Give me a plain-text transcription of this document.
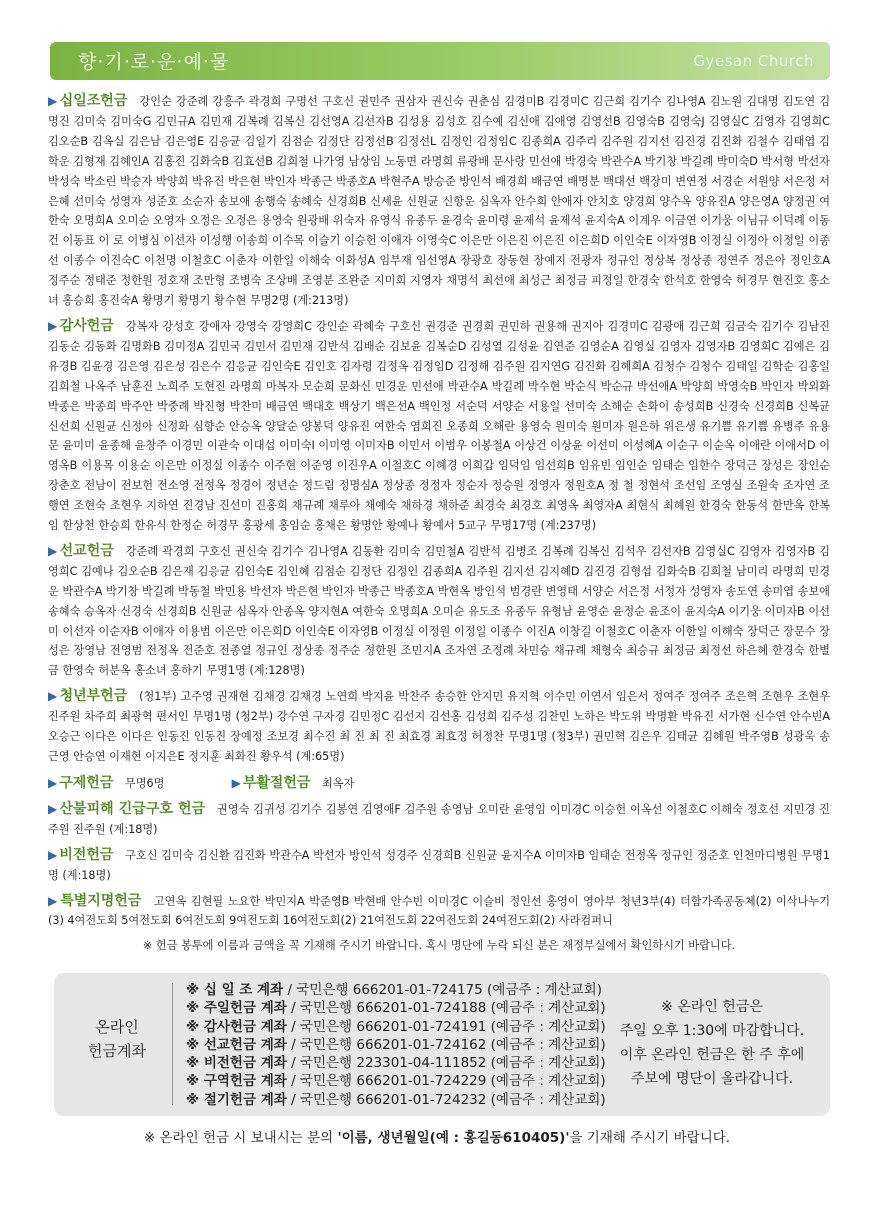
향·기·로·운·예·물	Gyesan Church
▶ 십일조헌금 강인순 강준례 강흥주 곽경희 구명선 구호신 권민주 권삼자 권신숙 권춘심 김경미B 김경미C 김근희 김기수 김나영A 김노원 김대명 김도연 김명진 김미숙 김미숙G 김민규A 김민재 김복례 김복신 김선영A 김선자B 김성용 김성호 김수예 김신애 김애영 김영선B 김영숙B 김영숙J 김영실C 김영자 김영희C 김오순B 김옥실 김은남 김은영E 김응균 김일기 김점순 김정단 김정선B 김정선L 김정인 김정임C 김종희A 김주리 김주원 김지선 김진경 김진화 김철수 김태엽 김학운 김형재 김혜인A 김홍진 김화숙B 김효선B 김희철 나가영 남상임 노동면 라명희 류광배 문사랑 민선애 박경숙 박관수A 박기창 박길례 박미숙D 박서형 박선자 박성숙 박소린 박승자 박양희 박유진 박은현 박인자 박종근 박종호A 박현주A 방승준 방인석 배경희 배금연 배명분 백대선 백장미 변연정 서경순 서원양 서은정 서은혜 선미숙 성영자 성준호 소순자 송보애 송행숙 송혜숙 신경희B 신세윤 신원균 신항운 심옥자 안수희 안애자 안치호 양경희 양수옥 양유진A 양은영A 양정권 여한숙 오명희A 오미순 오영자 오정은 오정은 용영숙 원광배 위숙자 유영식 유종두 윤경숙 윤미령 윤제석 윤제석 윤지숙A 이계우 이금연 이기웅 이님규 이덕례 이동건 이동표 이 로 이병심 이선자 이성행 이송희 이수목 이슬기 이승헌 이애자 이영숙C 이은만 이은진 이은진 이은희D 이인숙E 이자영B 이정실 이정아 이정일 이종선 이종수 이진숙C 이천명 이철호C 이춘자 이한일 이해숙 이화성A 임부재 임선영A 장광호 장동현 장예지 전광자 정규인 정상복 정상종 정연주 정은아 정인호A 정주순 정태준 정한원 정호재 조만형 조병숙 조상배 조영분 조완준 지미희 지영자 채명석 최선애 최성근 최정금 피정일 한경숙 한석호 한영숙 허경무 현진호 홍소녀 홍승희 홍진숙A 황명기 황명기 황수현 무명2명 (계:213명)
▶ 감사헌금 강복자 강성호 강애자 강영숙 강영희C 강인순 곽혜숙 구호신 권경준 권경희 권민하 권용해 권지아 김경미C 김광애 김근희 김금숙 김기수 김남진 김동순 김동화 김명화B 김미정A 김민국 김민서 김민재 김반석 김배순 김보윤 김복순D 김성열 김성윤 김연준 김영순A 김영실 김영자 김영자B 김영희C 김예은 김유경B 김윤경 김은영 김은성 김은수 김응균 김인숙E 김인호 김자령 김정옥 김정임D 김정해 김주원 김지연G 김진화 김혜희A 김청수 김청수 김태일 김학순 김홍일 김희철 나옥주 남훈진 노희주 도현진 라명희 마복자 모순희 문화신 민경운 민선애 박관수A 박길례 박수현 박순식 박순규 박선애A 박양희 박영숙B 박인자 박외화 박종은 박종희 박주안 박중례 박진형 박찬미 배금연 백대호 백상기 백은선A 백인정 서순덕 서양순 서용일 선미숙 소해순 손화이 송성희B 신경숙 신경희B 신복균 신선희 신원균 신정아 신정화 심향순 안승옥 양달순 양봉덕 양유진 여한숙 염희진 오종희 오해란 용영숙 원미숙 원미자 원은하 위은생 유기쁨 유기쁨 유병주 유용문 윤미미 윤종해 윤창주 이경민 이관숙 이대섭 이미숙I 이미영 이미자B 이민서 이범우 이봉철A 이상건 이상윤 이선미 이성혜A 이순구 이순옥 이애란 이애서D 이영옥B 이용목 이용순 이은만 이정실 이종수 이주현 이준영 이진우A 이철호C 이혜경 이희갑 임덕임 임선희B 임유빈 임인순 임태순 임한수 장덕근 장성은 장인순 장춘호 전남이 전보헌 전소영 전정옥 정경이 정년순 정드림 정명심A 정상종 정정자 정순자 정승원 정영자 정원호A 정 철 정현석 조선임 조영실 조원숙 조자연 조행연 조현숙 조현우 지하연 진경남 진선미 진홍희 채규례 채루아 채예숙 채하경 채하준 최경숙 최경호 최영옥 최영자A 최현식 최혜원 한경숙 한동석 한만옥 한복임 한상천 한승희 한유식 한정순 허경무 홍광세 홍임순 홍채은 황명안 황예나 황예서 5교구 무명17명 (계:237명)
▶ 선교헌금 강준례 곽경희 구호신 권신숙 김기수 김나영A 김동환 김미숙 김민철A 김반석 김병조 김복례 김복신 김석우 김선자B 김영실C 김영자 김영자B 김영희C 김예나 김오순B 김은재 김응균 김인숙E 김인혜 김점순 김정단 김정인 김종희A 김주원 김지선 김지혜D 김진경 김형섭 김화숙B 김희철 남미리 라명희 민경운 박관수A 박기창 박길례 박동철 박민용 박선자 박은현 박인자 박종근 박종호A 박현옥 방인석 범경란 변영태 서양순 서은정 서정자 성영자 송도연 송미엽 송보애 송혜숙 승옥자 신경숙 신경희B 신원균 심옥자 안종옥 양지현A 여한숙 오명희A 오미순 유도조 유종두 유형남 윤영순 윤정순 윤조이 윤지숙A 이기웅 이미자B 이선미 이선자 이순자B 이애자 이용범 이은만 이은희D 이인숙E 이자영B 이정실 이정원 이정일 이종수 이진A 이창길 이철호C 이춘자 이한일 이해숙 장덕근 장문수 장성은 장영남 전영범 전정옥 전준호 전종열 정규인 정상종 정주순 정한원 조민지A 조자연 조정례 차민승 채규례 채형숙 최승규 최정금 최정선 하은혜 한경숙 한별금 한영숙 허분옥 홍소녀 홍하기 무명1명 (계:128명)
▶ 청년부헌금 (청1부) 고주영 권재현 김채경 김채경 노연희 박지윤 박찬주 송승한 안지민 유지혁 이수민 이연서 임은서 정여주 정여주 조은혁 조현우 조현우 진주원 차주희 최광혁 편서인 무명1명 (청2부) 강수연 구자경 김민정C 김선지 김선홍 김성희 김주성 김찬민 노하은 박도위 박명환 박유진 서가현 신수연 안수빈A 오승근 이다은 이다은 인동진 인동진 장예정 조보경 최수진 최 진 최 진 최효경 최효정 허정찬 무명1명 (청3부) 권민혁 김은우 김태균 김혜원 박주영B 성광욱 송근영 안승연 이재현 이지은E 정지훈 최화진 황우석 (계:65명)
▶ 구제헌금 무명6명	▶ 부활절헌금 최옥자
▶ 산불피해 긴급구호 헌금 권영숙 김귀성 김기수 김봉연 김영애F 김주원 송영남 오미란 윤영임 이미경C 이승헌 이옥선 이철호C 이해숙 정호선 지민경 진주원 진주원 (계:18명)
▶ 비전헌금 구호신 김미숙 김신환 김진화 박관수A 박선자 방인석 성경주 신경희B 신원균 윤지수A 이미자B 임태순 전정옥 정규인 정준호 인천마디병원 무명1명 (계:18명)
▶ 특별지명헌금 고연옥 김현필 노요한 박민지A 박준영B 박현배 안수빈 이미경C 이슬비 정인선 홍영이 영아부 청년3부(4) 더함가족공동체(2) 이삭나누기(3) 4여전도회 5여전도회 6여전도회 9여전도회 16여전도회(2) 21여전도회 22여전도회 24여전도회(2) 사라컴퍼니
※ 헌금 봉투에 이름과 금액을 꼭 기재해 주시기 바랍니다. 혹시 명단에 누락 되신 분은 재정부실에서 확인하시기 바랍니다.
온라인
헌금계좌
※ 십 일 조 계좌 / 국민은행 666201-01-724175 (예금주 : 계산교회)
※ 주일헌금 계좌 / 국민은행 666201-01-724188 (예금주 : 계산교회)
※ 감사헌금 계좌 / 국민은행 666201-01-724191 (예금주 : 계산교회)
※ 선교헌금 계좌 / 국민은행 666201-01-724162 (예금주 : 계산교회)
※ 비전헌금 계좌 / 국민은행 223301-04-111852 (예금주 : 계산교회)
※ 구역헌금 계좌 / 국민은행 666201-01-724229 (예금주 : 계산교회)
※ 절기헌금 계좌 / 국민은행 666201-01-724232 (예금주 : 계산교회)
※ 온라인 헌금은
주일 오후 1:30에 마감합니다.
이후 온라인 헌금은 한 주 후에
주보에 명단이 올라갑니다.
※ 온라인 헌금 시 보내시는 분의 '이름, 생년월일(예 : 홍길동610405)'을 기재해 주시기 바랍니다.
